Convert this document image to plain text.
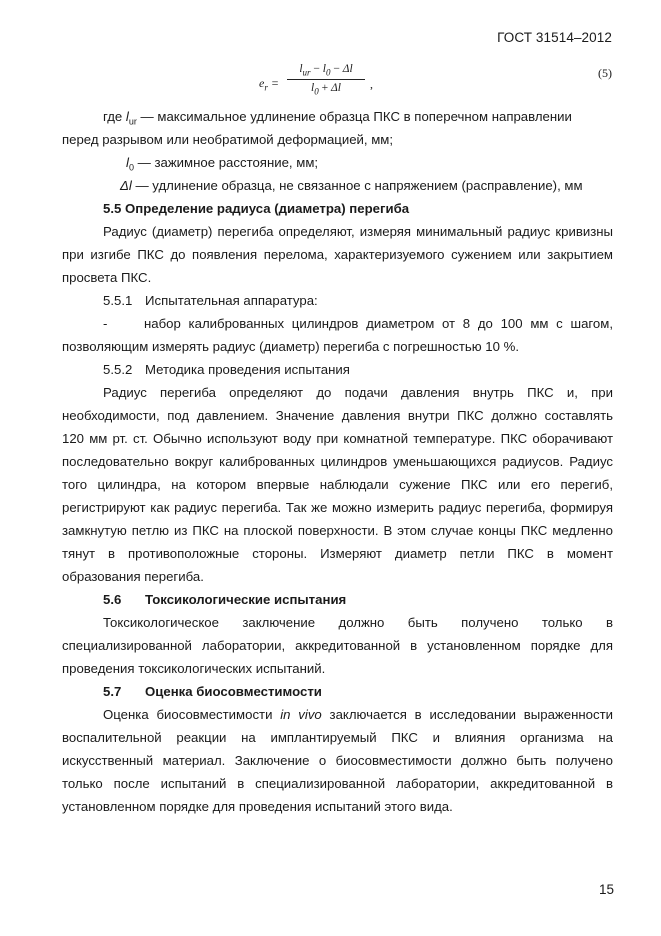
ГОСТ 31514–2012
$e_r$ =
$l_{ur} - l_0 - \Delta l$
$l_0 + \Delta l$	,
(5)
где $l_{ur}$ — максимальное удлинение образца ПКС в поперечном направлении
перед разрывом или необратимой деформацией, мм;
$l_0$ — зажимное расстояние, мм;
Δl — удлинение образца, не связанное с напряжением (расправление), мм
5.5 Определение радиуса (диаметра) перегиба
Радиус (диаметр) перегиба определяют, измеряя минимальный радиус кривизны
при изгибе ПКС до появления перелома, характеризуемого сужением или закрытием
просвета ПКС.
5.5.1 Испытательная аппаратура:
-	набор калиброванных цилиндров диаметром от 8 до 100 мм с шагом,
позволяющим измерять радиус (диаметр) перегиба с погрешностью 10 %.
5.5.2 Методика проведения испытания
Радиус перегиба определяют до подачи давления внутрь ПКС и, при
необходимости, под давлением. Значение давления внутри ПКС должно составлять
120 мм рт. ст. Обычно используют воду при комнатной температуре. ПКС оборачивают
последовательно вокруг калиброванных цилиндров уменьшающихся радиусов. Радиус
того цилиндра, на котором впервые наблюдали сужение ПКС или его перегиб,
регистрируют как радиус перегиба. Так же можно измерить радиус перегиба, формируя
замкнутую петлю из ПКС на плоской поверхности. В этом случае концы ПКС медленно
тянут в противоположные стороны. Измеряют диаметр петли ПКС в момент
образования перегиба.
5.6 Токсикологические испытания
Токсикологическое заключение должно быть получено только в
специализированной лаборатории, аккредитованной в установленном порядке для
проведения токсикологических испытаний.
5.7 Оценка биосовместимости
Оценка биосовместимости in vivo заключается в исследовании выраженности
воспалительной реакции на имплантируемый ПКС и влияния организма на
искусственный материал. Заключение о биосовместимости должно быть получено
только после испытаний в специализированной лаборатории, аккредитованной в
установленном порядке для проведения испытаний этого вида.
15
